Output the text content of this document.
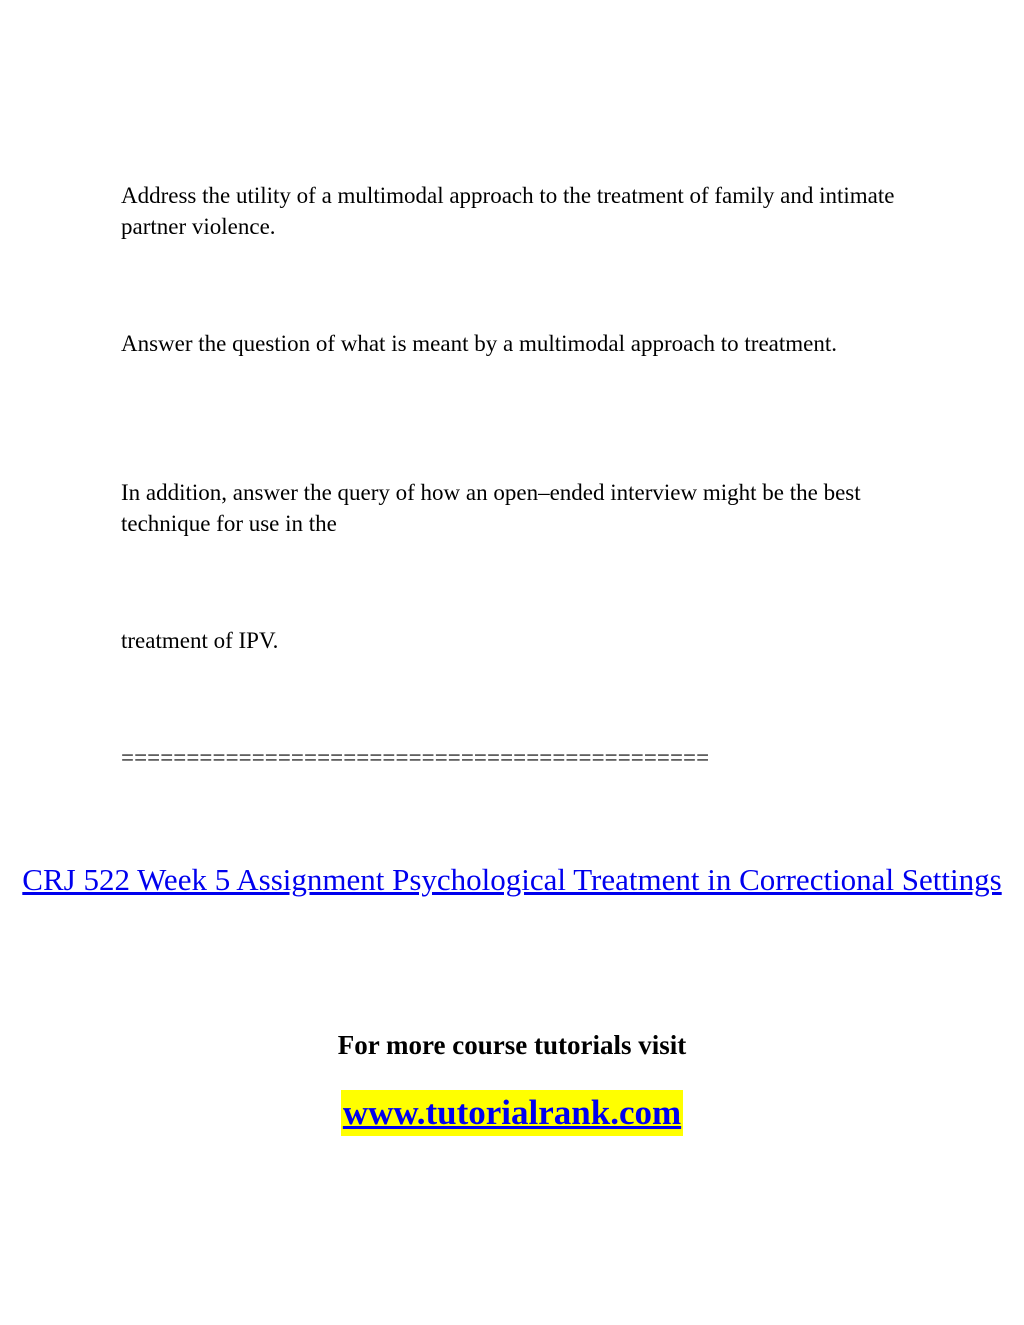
Address the utility of a multimodal approach to the treatment of family and intimate partner violence.

Answer the question of what is meant by a multimodal approach to treatment.

In addition, answer the query of how an open–ended interview might be the best technique for use in the

treatment of IPV.

=============================================

CRJ 522 Week 5 Assignment Psychological Treatment in Correctional Settings

For more course tutorials visit

www.tutorialrank.com
